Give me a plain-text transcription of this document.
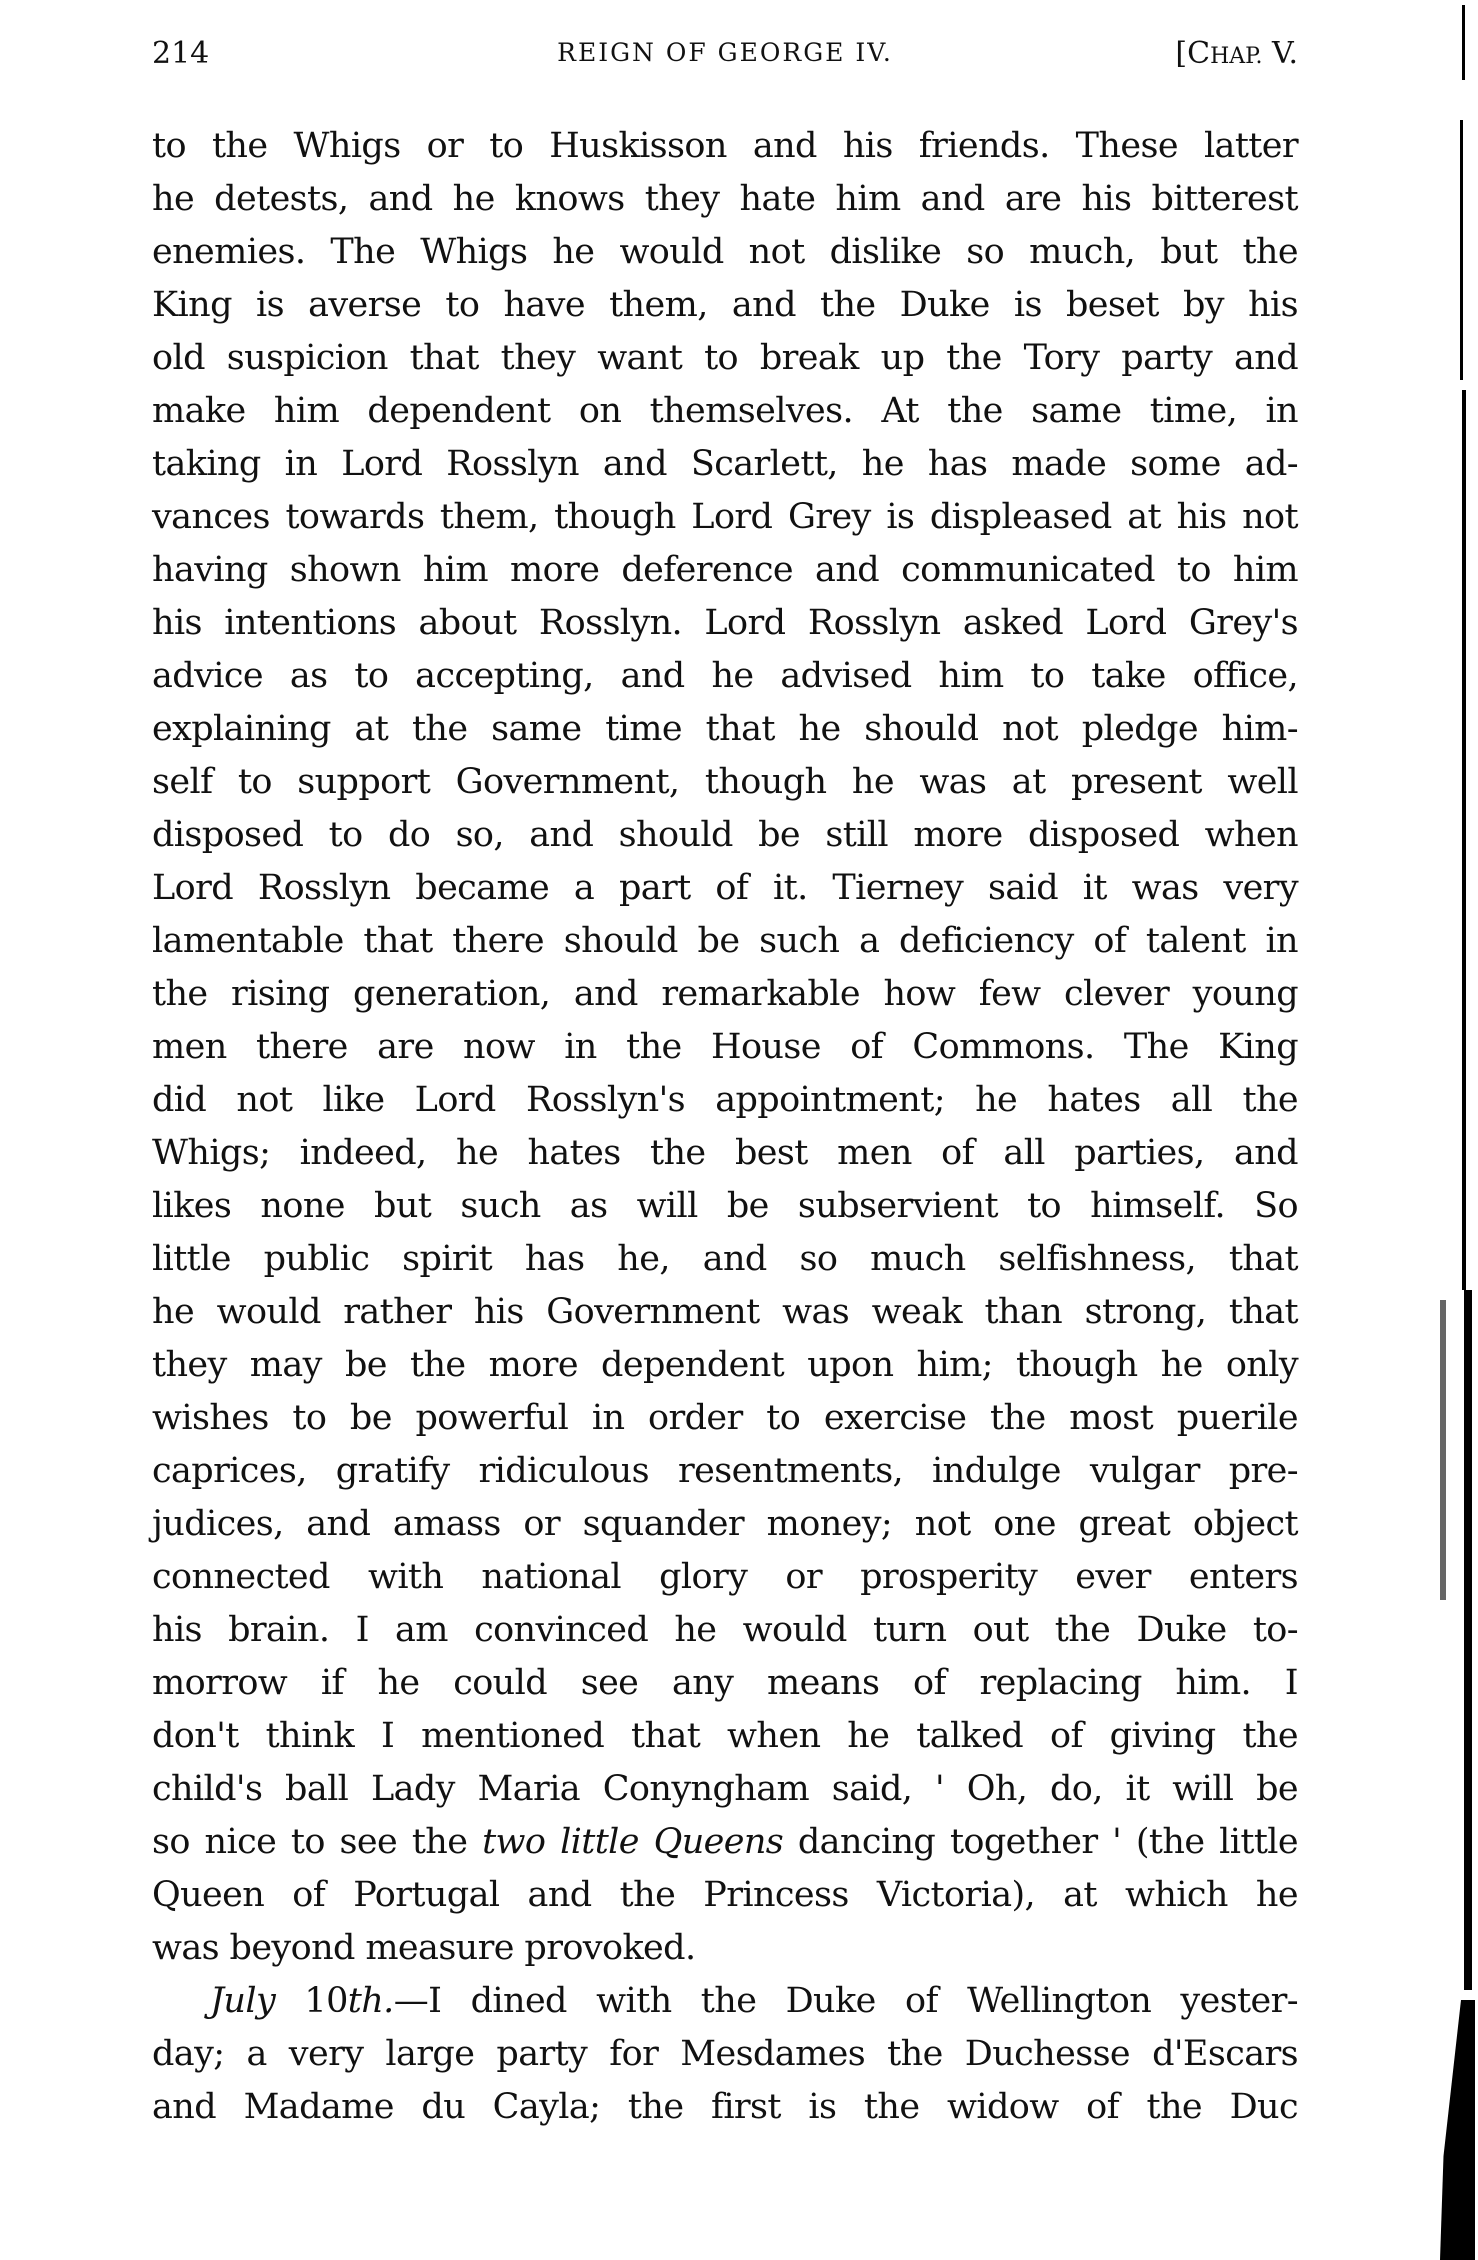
214	REIGN OF GEORGE IV.	[CHAP. V.
to the Whigs or to Huskisson and his friends. These latter
he detests, and he knows they hate him and are his bitterest
enemies. The Whigs he would not dislike so much, but the
King is averse to have them, and the Duke is beset by his
old suspicion that they want to break up the Tory party and
make him dependent on themselves. At the same time, in
taking in Lord Rosslyn and Scarlett, he has made some ad-
vances towards them, though Lord Grey is displeased at his not
having shown him more deference and communicated to him
his intentions about Rosslyn. Lord Rosslyn asked Lord Grey's
advice as to accepting, and he advised him to take office,
explaining at the same time that he should not pledge him-
self to support Government, though he was at present well
disposed to do so, and should be still more disposed when
Lord Rosslyn became a part of it. Tierney said it was very
lamentable that there should be such a deficiency of talent in
the rising generation, and remarkable how few clever young
men there are now in the House of Commons. The King
did not like Lord Rosslyn's appointment; he hates all the
Whigs; indeed, he hates the best men of all parties, and
likes none but such as will be subservient to himself. So
little public spirit has he, and so much selfishness, that
he would rather his Government was weak than strong, that
they may be the more dependent upon him; though he only
wishes to be powerful in order to exercise the most puerile
caprices, gratify ridiculous resentments, indulge vulgar pre-
judices, and amass or squander money; not one great object
connected with national glory or prosperity ever enters
his brain. I am convinced he would turn out the Duke to-
morrow if he could see any means of replacing him. I
don't think I mentioned that when he talked of giving the
child's ball Lady Maria Conyngham said, ' Oh, do, it will be
so nice to see the two little Queens dancing together ' (the little
Queen of Portugal and the Princess Victoria), at which he
was beyond measure provoked.
July 10th.—I dined with the Duke of Wellington yester-
day; a very large party for Mesdames the Duchesse d'Escars
and Madame du Cayla; the first is the widow of the Duc
